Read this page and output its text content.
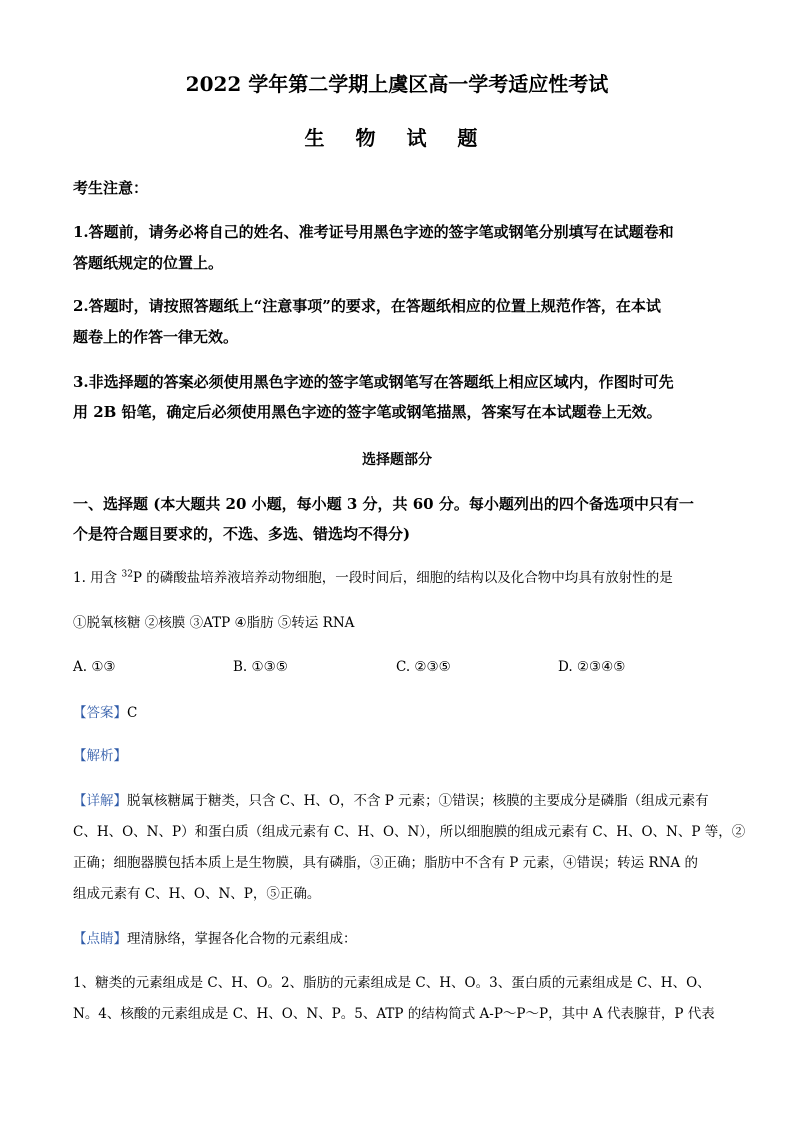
2022 学年第二学期上虞区高一学考适应性考试
生 物 试 题
考生注意：
1.答题前，请务必将自己的姓名、准考证号用黑色字迹的签字笔或钢笔分别填写在试题卷和
答题纸规定的位置上。
2.答题时，请按照答题纸上“注意事项”的要求，在答题纸相应的位置上规范作答，在本试
题卷上的作答一律无效。
3.非选择题的答案必须使用黑色字迹的签字笔或钢笔写在答题纸上相应区域内，作图时可先
用 2B 铅笔，确定后必须使用黑色字迹的签字笔或钢笔描黑，答案写在本试题卷上无效。
选择题部分
一、选择题 (本大题共 20 小题，每小题 3 分，共 60 分。每小题列出的四个备选项中只有一
个是符合题目要求的，不选、多选、错选均不得分)
1. 用含 $^{32}$P 的磷酸盐培养液培养动物细胞，一段时间后，细胞的结构以及化合物中均具有放射性的是
①脱氧核糖 ②核膜 ③ATP ④脂肪 ⑤转运 RNA
A. ①③	B. ①③⑤	C. ②③⑤	D. ②③④⑤
【答案】C
【解析】
【详解】脱氧核糖属于糖类，只含 C、H、O，不含 P 元素；①错误；核膜的主要成分是磷脂（组成元素有
C、H、O、N、P）和蛋白质（组成元素有 C、H、O、N），所以细胞膜的组成元素有 C、H、O、N、P 等，②
正确；细胞器膜包括本质上是生物膜，具有磷脂，③正确；脂肪中不含有 P 元素，④错误；转运 RNA 的
组成元素有 C、H、O、N、P，⑤正确。
【点睛】理清脉络，掌握各化合物的元素组成：
1、糖类的元素组成是 C、H、O。2、脂肪的元素组成是 C、H、O。3、蛋白质的元素组成是 C、H、O、
N。4、核酸的元素组成是 C、H、O、N、P。5、ATP 的结构简式 A-P～P～P，其中 A 代表腺苷，P 代表
